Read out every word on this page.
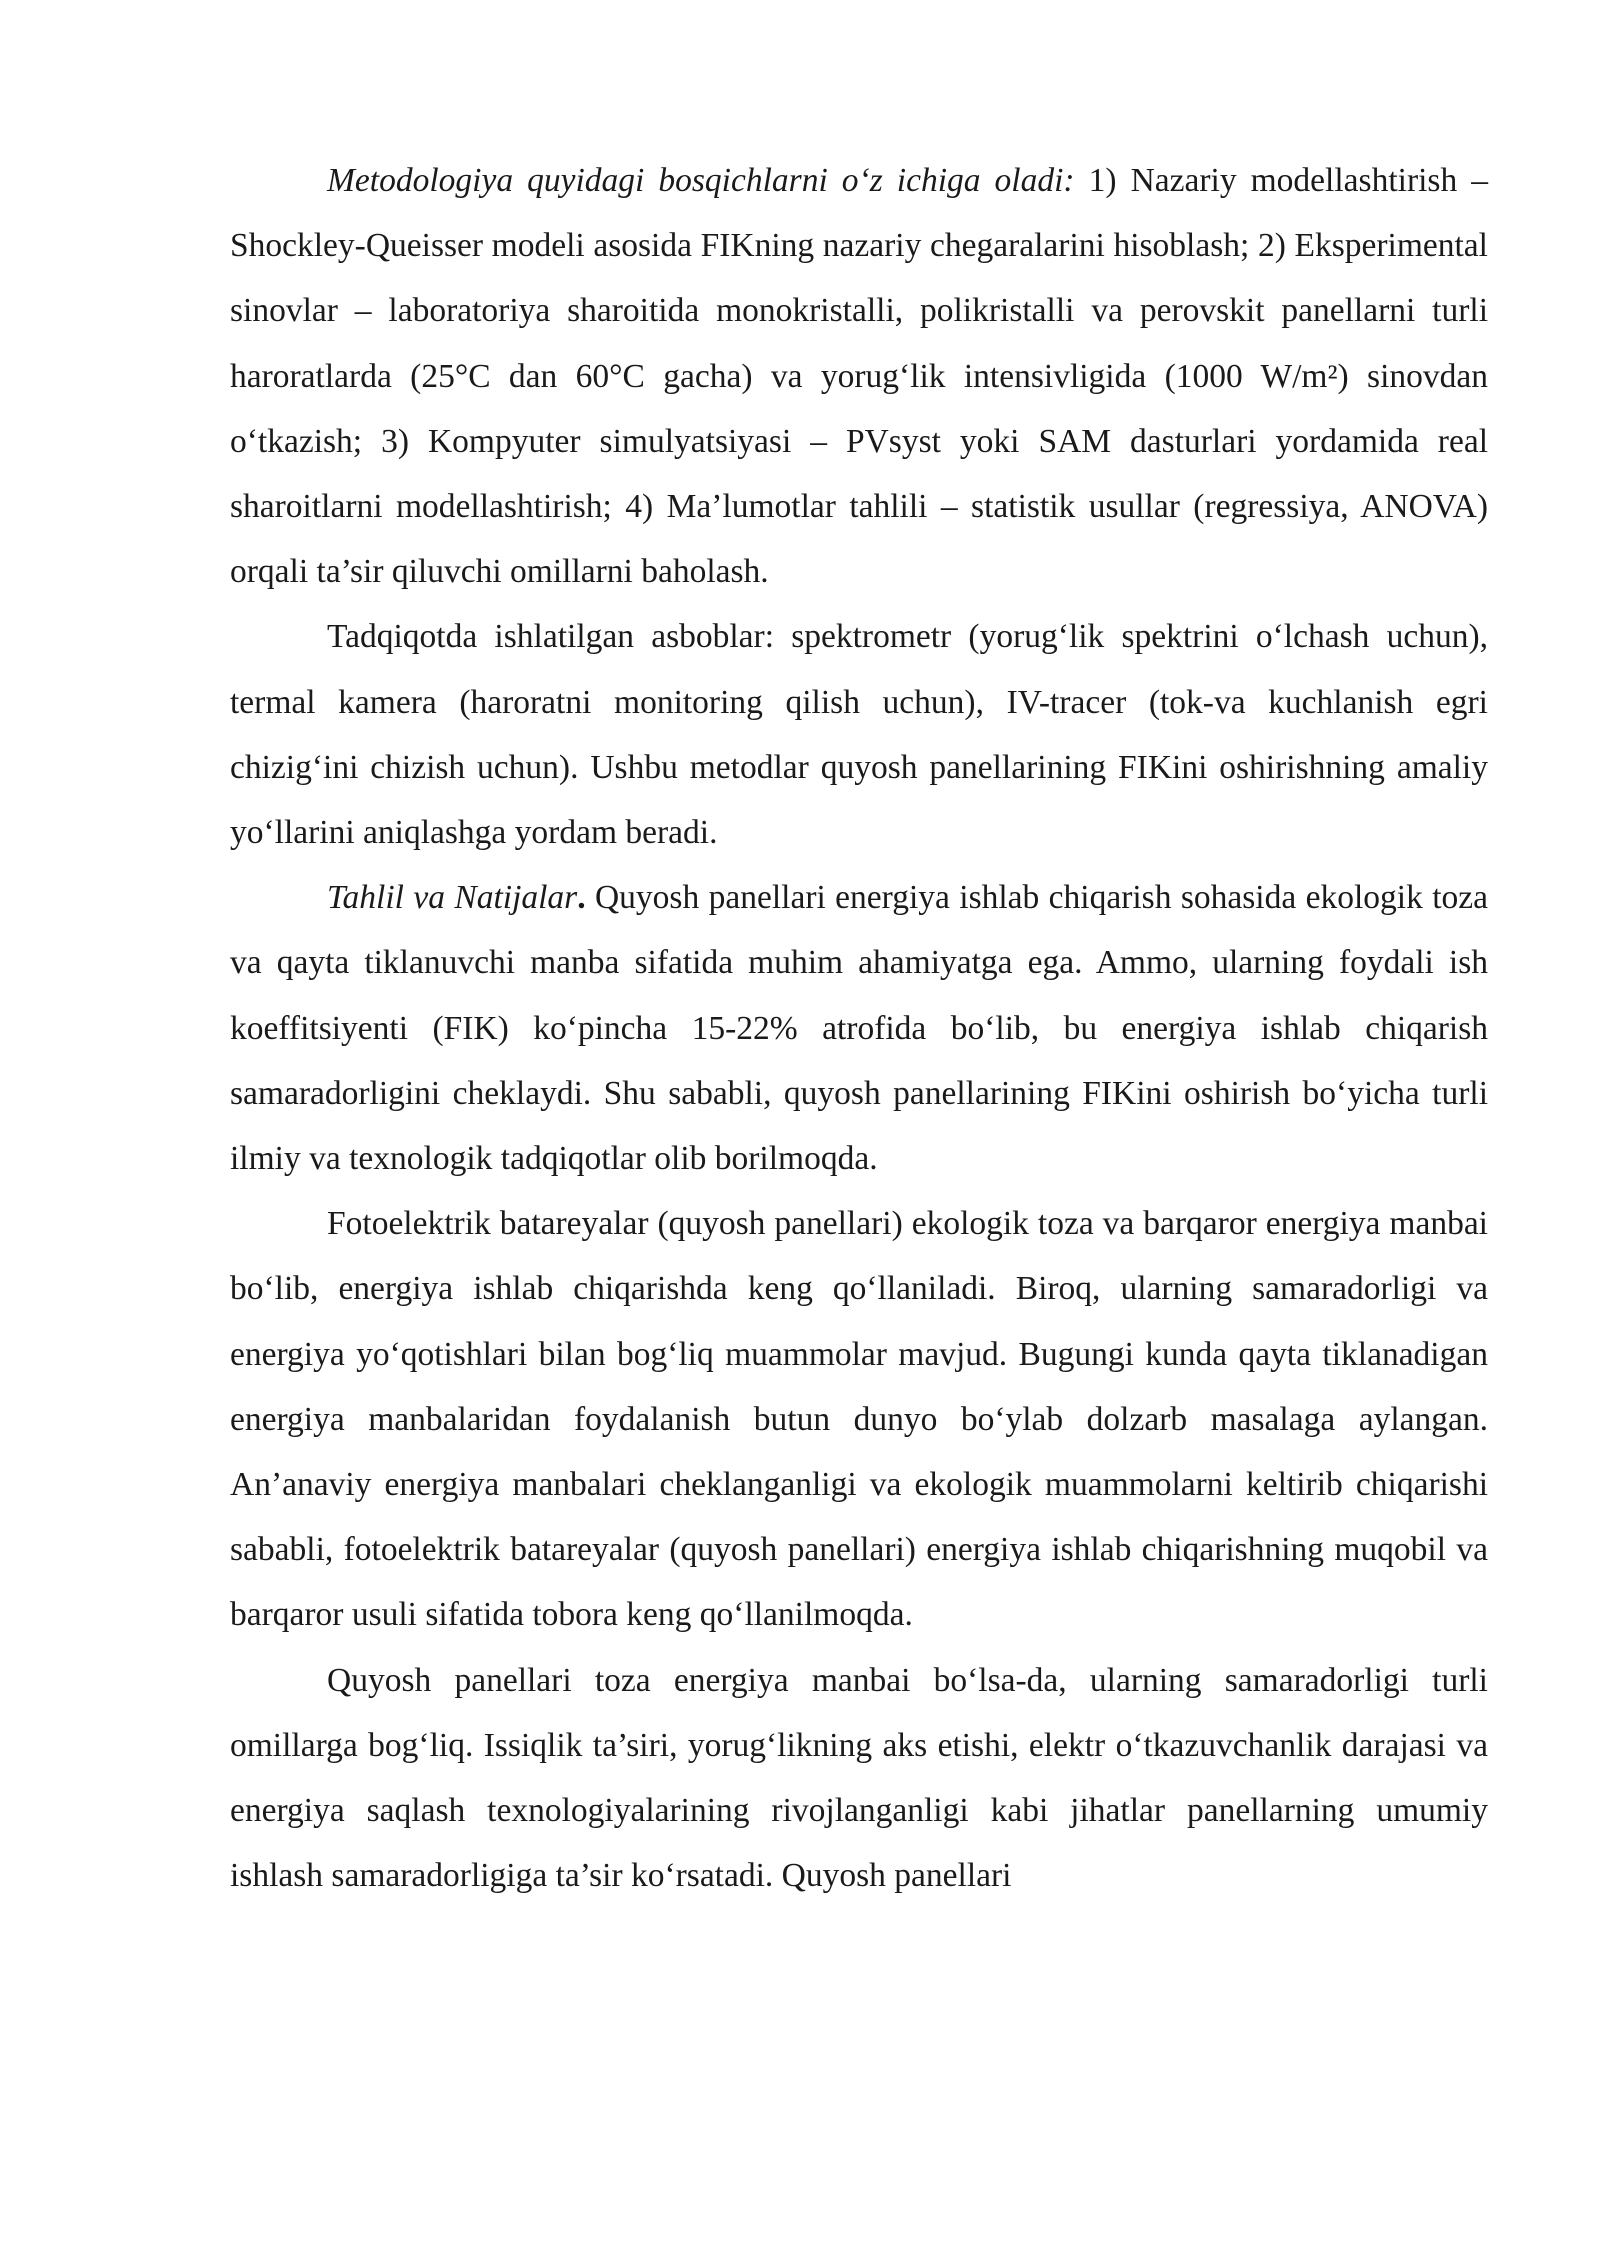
Metodologiya quyidagi bosqichlarni o‘z ichiga oladi: 1) Nazariy modellashtirish – Shockley-Queisser modeli asosida FIKning nazariy chegaralarini hisoblash; 2) Eksperimental sinovlar – laboratoriya sharoitida monokristalli, polikristalli va perovskit panellarni turli haroratlarda (25°C dan 60°C gacha) va yorug‘lik intensivligida (1000 W/m²) sinovdan o‘tkazish; 3) Kompyuter simulyatsiyasi – PVsyst yoki SAM dasturlari yordamida real sharoitlarni modellashtirish; 4) Ma’lumotlar tahlili – statistik usullar (regressiya, ANOVA) orqali ta’sir qiluvchi omillarni baholash.

Tadqiqotda ishlatilgan asboblar: spektrometr (yorug‘lik spektrini o‘lchash uchun), termal kamera (haroratni monitoring qilish uchun), IV-tracer (tok-va kuchlanish egri chizig‘ini chizish uchun). Ushbu metodlar quyosh panellarining FIKini oshirishning amaliy yo‘llarini aniqlashga yordam beradi.

Tahlil va Natijalar. Quyosh panellari energiya ishlab chiqarish sohasida ekologik toza va qayta tiklanuvchi manba sifatida muhim ahamiyatga ega. Ammo, ularning foydali ish koeffitsiyenti (FIK) ko‘pincha 15-22% atrofida bo‘lib, bu energiya ishlab chiqarish samaradorligini cheklaydi. Shu sababli, quyosh panellarining FIKini oshirish bo‘yicha turli ilmiy va texnologik tadqiqotlar olib borilmoqda.

Fotoelektrik batareyalar (quyosh panellari) ekologik toza va barqaror energiya manbai bo‘lib, energiya ishlab chiqarishda keng qo‘llaniladi. Biroq, ularning samaradorligi va energiya yo‘qotishlari bilan bog‘liq muammolar mavjud. Bugungi kunda qayta tiklanadigan energiya manbalaridan foydalanish butun dunyo bo‘ylab dolzarb masalaga aylangan. An’anaviy energiya manbalari cheklanganligi va ekologik muammolarni keltirib chiqarishi sababli, fotoelektrik batareyalar (quyosh panellari) energiya ishlab chiqarishning muqobil va barqaror usuli sifatida tobora keng qo‘llanilmoqda.

Quyosh panellari toza energiya manbai bo‘lsa-da, ularning samaradorligi turli omillarga bog‘liq. Issiqlik ta’siri, yorug‘likning aks etishi, elektr o‘tkazuvchanlik darajasi va energiya saqlash texnologiyalarining rivojlanganligi kabi jihatlar panellarning umumiy ishlash samaradorligiga ta’sir ko‘rsatadi. Quyosh panellari
